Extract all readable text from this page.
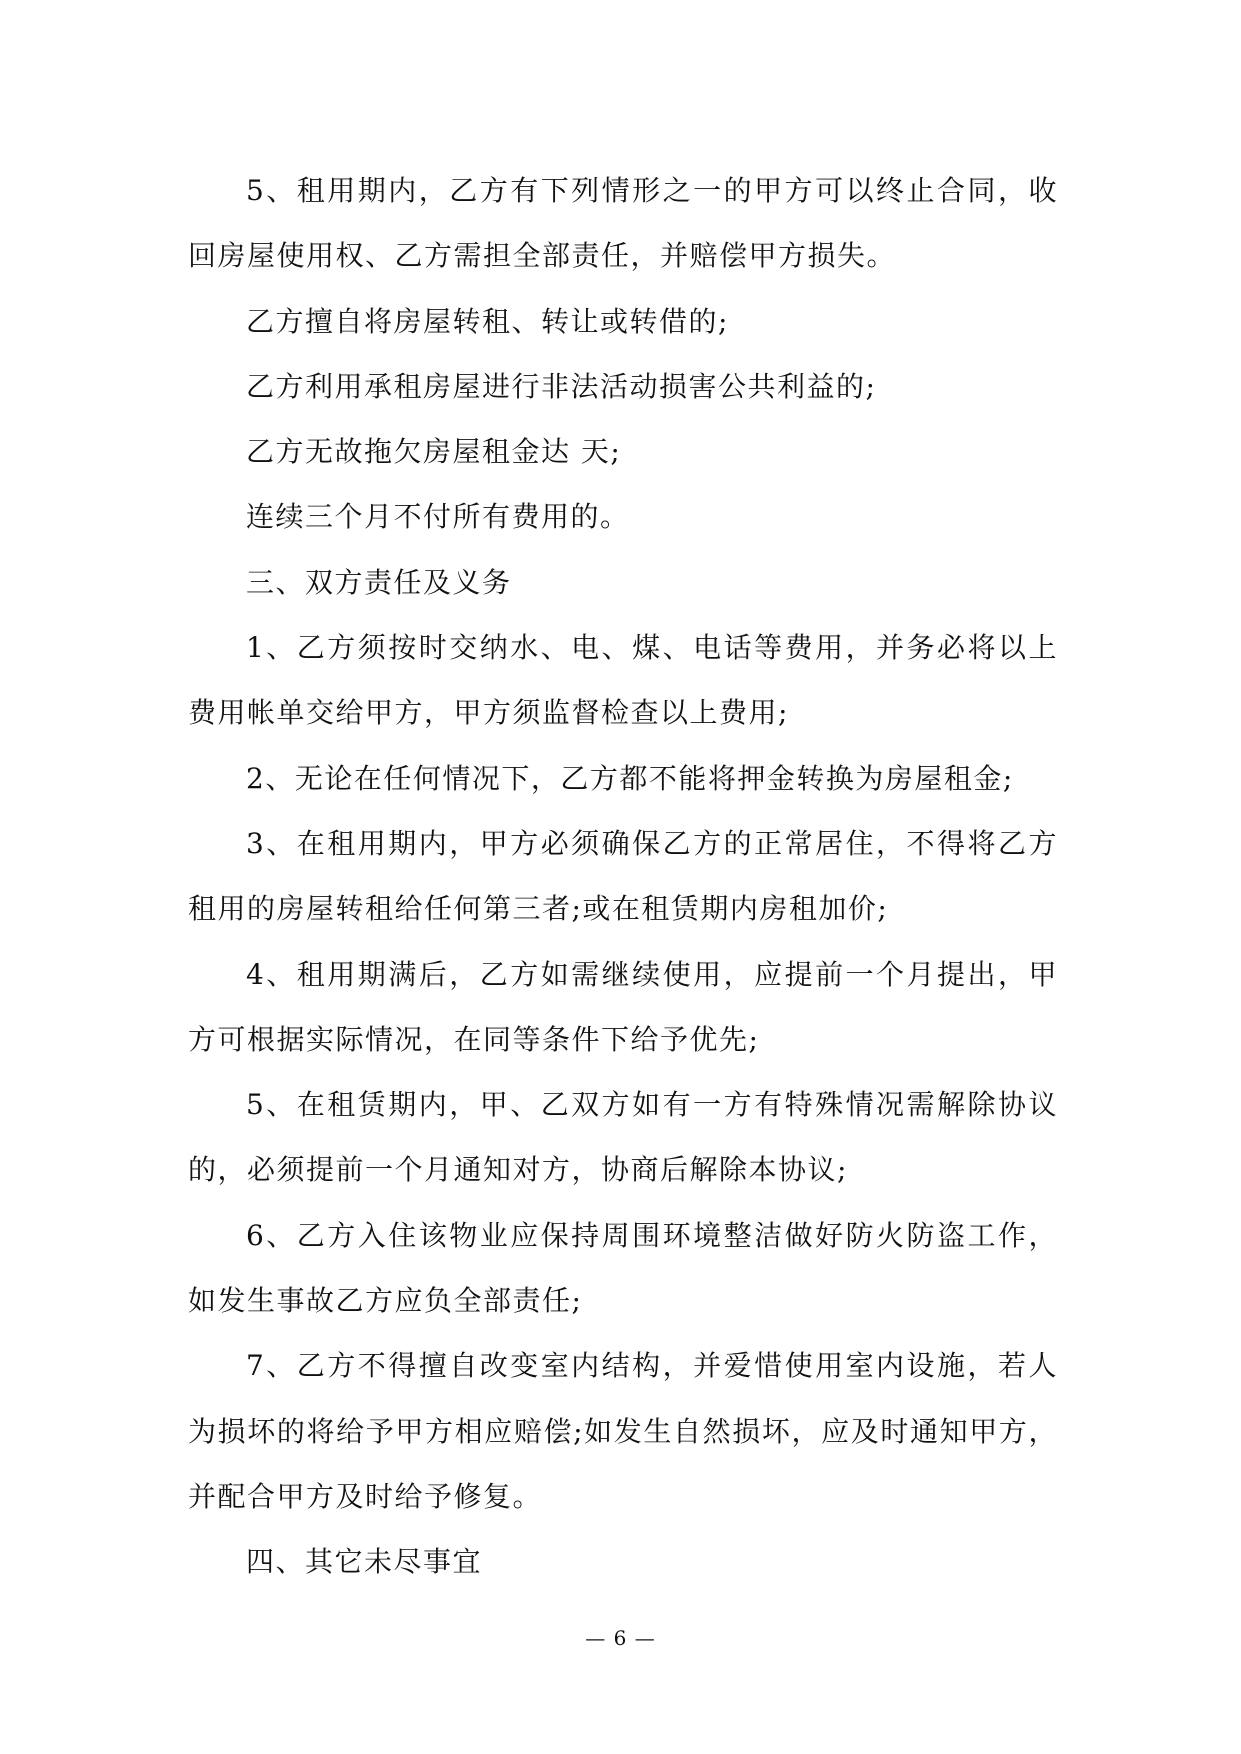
5、租用期内，乙方有下列情形之一的甲方可以终止合同，收回房屋使用权、乙方需担全部责任，并赔偿甲方损失。

乙方擅自将房屋转租、转让或转借的;

乙方利用承租房屋进行非法活动损害公共利益的;

乙方无故拖欠房屋租金达 天;

连续三个月不付所有费用的。

三、双方责任及义务

1、乙方须按时交纳水、电、煤、电话等费用，并务必将以上费用帐单交给甲方，甲方须监督检查以上费用;

2、无论在任何情况下，乙方都不能将押金转换为房屋租金;

3、在租用期内，甲方必须确保乙方的正常居住，不得将乙方租用的房屋转租给任何第三者;或在租赁期内房租加价;

4、租用期满后，乙方如需继续使用，应提前一个月提出，甲方可根据实际情况，在同等条件下给予优先;

5、在租赁期内，甲、乙双方如有一方有特殊情况需解除协议的，必须提前一个月通知对方，协商后解除本协议;

6、乙方入住该物业应保持周围环境整洁做好防火防盗工作，如发生事故乙方应负全部责任;

7、乙方不得擅自改变室内结构，并爱惜使用室内设施，若人为损坏的将给予甲方相应赔偿;如发生自然损坏，应及时通知甲方，并配合甲方及时给予修复。

四、其它未尽事宜

— 6 —
